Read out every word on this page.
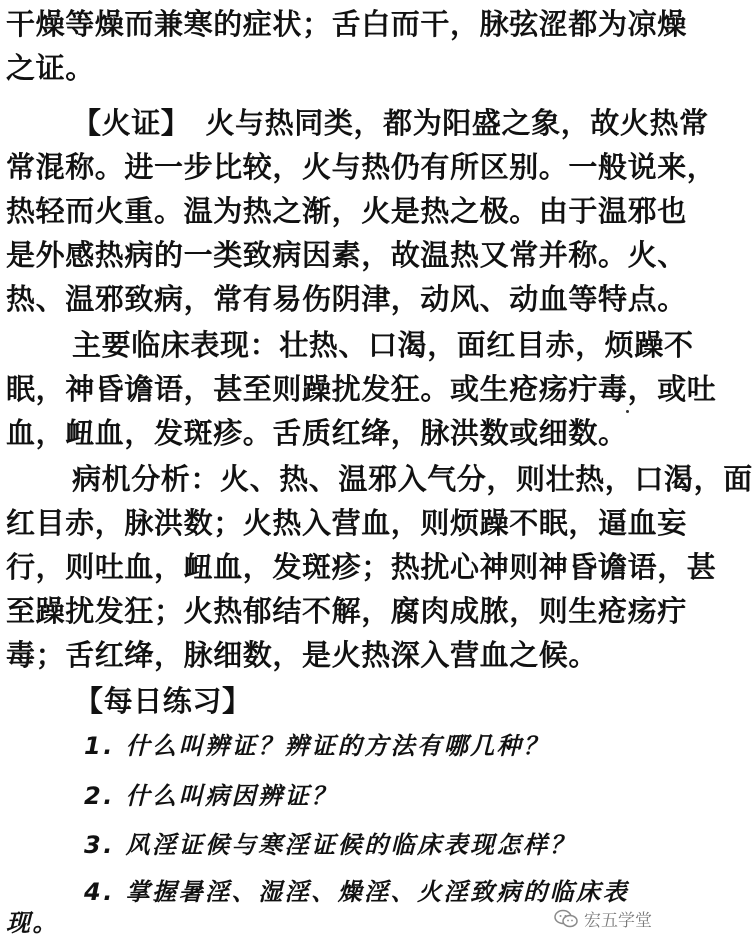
干燥等燥而兼寒的症状；舌白而干，脉弦涩都为凉燥
之证。
【火证】　火与热同类，都为阳盛之象，故火热常
常混称。进一步比较，火与热仍有所区别。一般说来，
热轻而火重。温为热之渐，火是热之极。由于温邪也
是外感热病的一类致病因素，故温热又常并称。火、
热、温邪致病，常有易伤阴津，动风、动血等特点。
主要临床表现：壮热、口渴，面红目赤，烦躁不
眠，神昏谵语，甚至则躁扰发狂。或生疮疡疔毒，或吐
血，衄血，发斑疹。舌质红绛，脉洪数或细数。
病机分析：火、热、温邪入气分，则壮热，口渴，面
红目赤，脉洪数；火热入营血，则烦躁不眠，逼血妄
行，则吐血，衄血，发斑疹；热扰心神则神昏谵语，甚
至躁扰发狂；火热郁结不解，腐肉成脓，则生疮疡疔
毒；舌红绛，脉细数，是火热深入营血之候。
【每日练习】
1. 什么叫辨证？辨证的方法有哪几种？
2. 什么叫病因辨证？
3. 风淫证候与寒淫证候的临床表现怎样？
4. 掌握暑淫、湿淫、燥淫、火淫致病的临床表
现。	宏五学堂
